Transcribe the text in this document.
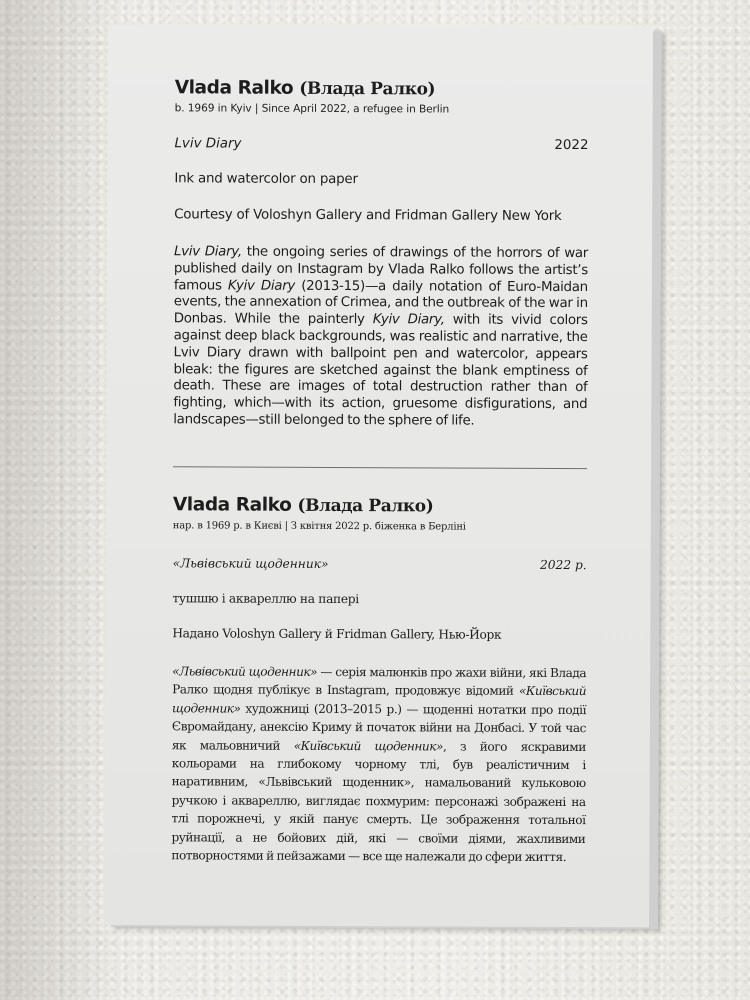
Vlada Ralko (Влада Ралко)
b. 1969 in Kyiv | Since April 2022, a refugee in Berlin
Lviv Diary	2022
Ink and watercolor on paper
Courtesy of Voloshyn Gallery and Fridman Gallery New York
Lviv Diary, the ongoing series of drawings of the horrors of war published daily on Instagram by Vlada Ralko follows the artist’s famous Kyiv Diary (2013-15)—a daily notation of Euro-Maidan events, the annexation of Crimea, and the outbreak of the war in Donbas. While the painterly Kyiv Diary, with its vivid colors against deep black backgrounds, was realistic and narrative, the Lviv Diary drawn with ballpoint pen and watercolor, appears bleak: the figures are sketched against the blank emptiness of death. These are images of total destruction rather than of fighting, which—with its action, gruesome disfigurations, and landscapes—still belonged to the sphere of life.
Vlada Ralko (Влада Ралко)
нар. в 1969 р. в Києві | З квітня 2022 р. біженка в Берліні
«Львівський щоденник»	2022 р.
тушшю і аквареллю на папері
Надано Voloshyn Gallery й Fridman Gallery, Нью-Йорк
«Львівський щоденник» — серія малюнків про жахи війни, які Влада Ралко щодня публікує в Instagram, продовжує відомий «Київський щоденник» художниці (2013–2015 р.) — щоденні нотатки про події Євромайдану, анексію Криму й початок війни на Донбасі. У той час як мальовничий «Київський щоденник», з його яскравими кольорами на глибокому чорному тлі, був реалістичним і наративним, «Львівський щоденник», намальований кульковою ручкою і аквареллю, виглядає похмурим: персонажі зображені на тлі порожнечі, у якій панує смерть. Це зображення тотальної руйнації, а не бойових дій, які — своїми діями, жахливими потворностями й пейзажами — все ще належали до сфери життя.
